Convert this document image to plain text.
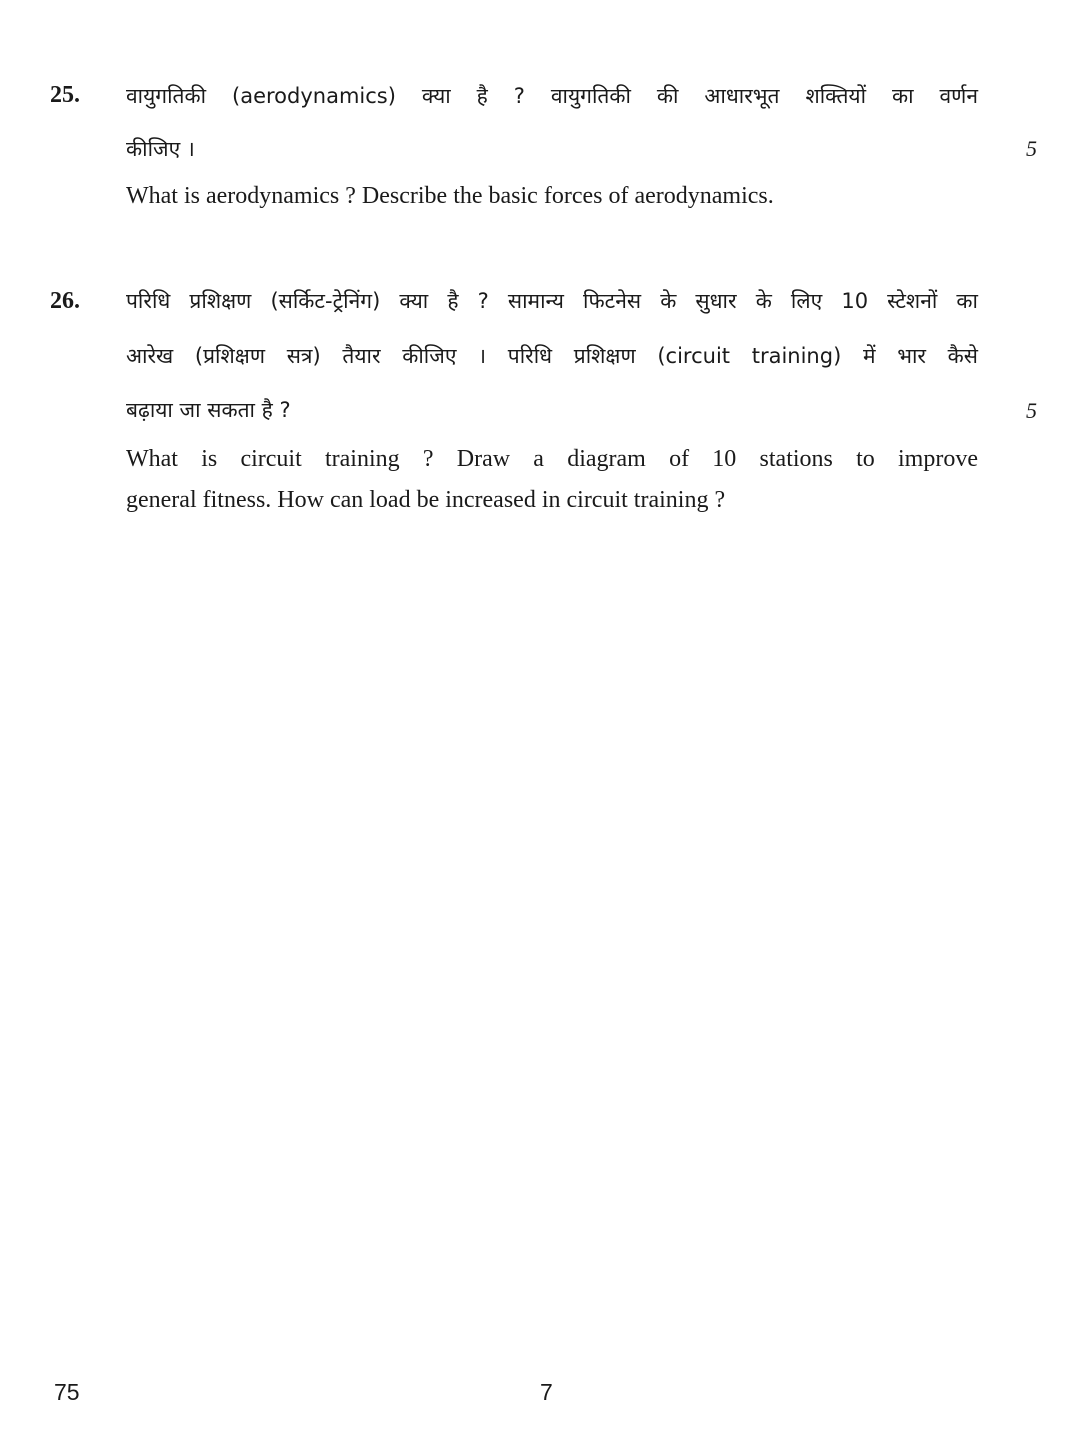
25. वायुगतिकी (aerodynamics) क्या है ? वायुगतिकी की आधारभूत शक्तियों का वर्णन
कीजिए ।	5
What is aerodynamics ? Describe the basic forces of aerodynamics.
26. परिधि प्रशिक्षण (सर्किट-ट्रेनिंग) क्या है ? सामान्य फिटनेस के सुधार के लिए 10 स्टेशनों का
आरेख (प्रशिक्षण सत्र) तैयार कीजिए । परिधि प्रशिक्षण (circuit training) में भार कैसे
बढ़ाया जा सकता है ?	5
What is circuit training ? Draw a diagram of 10 stations to improve
general fitness. How can load be increased in circuit training ?
75	7
